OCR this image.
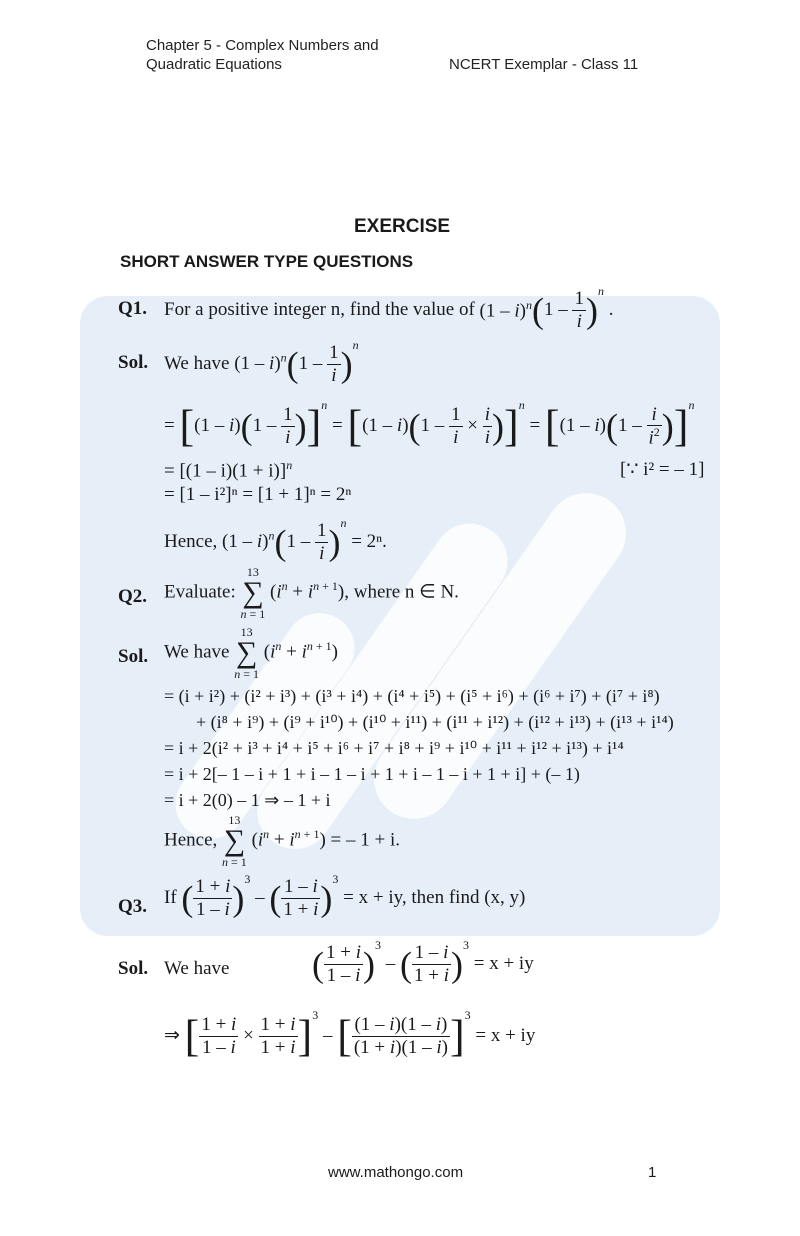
Chapter 5 - Complex Numbers and
Quadratic Equations	NCERT Exemplar - Class 11
EXERCISE
SHORT ANSWER TYPE QUESTIONS
Q1. For a positive integer n, find the value of $(1 - i)^n(1 - \frac{1}{i} )^n$ .
Sol. We have $(1 - i)^n(1 - \frac{1}{i} )^n$
= $[(1 - i)(1 - \frac{1}{i} )]^n = [(1 - i)(1 - \frac{1}{i} \times \frac{i}{i} )]^n = [(1 - i)(1 - \frac{i}{i^2} )]^n$
= $[(1 - i)(1 + i)]^n$	[∵ i² = – 1]
= [1 – i²]ⁿ = [1 + 1]ⁿ = 2ⁿ
Hence, $(1 - i)^n(1 - \frac{1}{i} )^n = 2^n$.
Q2. Evaluate:
13
∑
n = 1
$(i^n + i^{n + 1})$, where n ∈ N.
Sol. We have
13
∑
n = 1
$(i^n + i^{n + 1})$
= (i + i²) + (i² + i³) + (i³ + i⁴) + (i⁴ + i⁵) + (i⁵ + i⁶) + (i⁶ + i⁷) + (i⁷ + i⁸)
+ (i⁸ + i⁹) + (i⁹ + i¹⁰) + (i¹⁰ + i¹¹) + (i¹¹ + i¹²) + (i¹² + i¹³) + (i¹³ + i¹⁴)
= i + 2(i² + i³ + i⁴ + i⁵ + i⁶ + i⁷ + i⁸ + i⁹ + i¹⁰ + i¹¹ + i¹² + i¹³) + i¹⁴
= i + 2[– 1 – i + 1 + i – 1 – i + 1 + i – 1 – i + 1 + i] + (– 1)
= i + 2(0) – 1 ⇒ – 1 + i
Hence,
13
∑
n = 1
$(i^n + i^{n + 1})$ = – 1 + i.
Q3. If ( $\frac{1 + i}{1 - i} )^3$ – ( $\frac{1 - i}{1 + i} )^3 = x$ + iy, then find (x, y)
Sol. We have ( $\frac{1 + i}{1 - i} )^3$ – ( $\frac{1 - i}{1 + i} )^3 = x$ + iy
⇒ [ $\frac{1 + i}{1 - i} \times \frac{1 + i}{1 + i} ]^3$ – [ $\frac{(1 - i)(1 - i)}{(1 + i)(1 - i)} ]^3 = x$ + iy
www.mathongo.com	1
